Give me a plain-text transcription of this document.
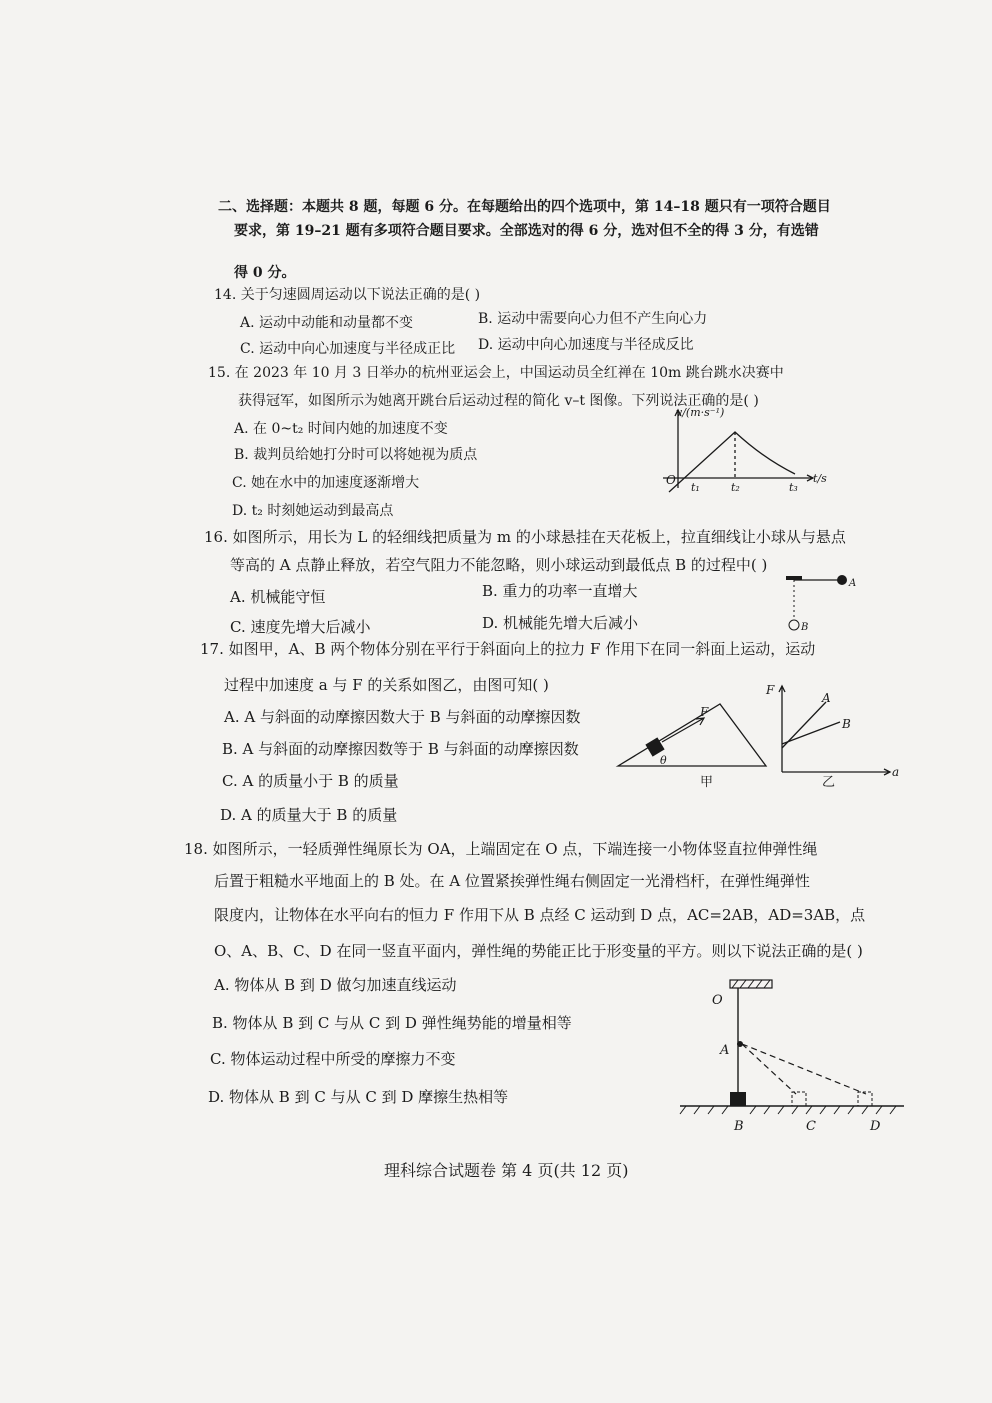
二、选择题：本题共 8 题，每题 6 分。在每题给出的四个选项中，第 14–18 题只有一项符合题目
要求，第 19–21 题有多项符合题目要求。全部选对的得 6 分，选对但不全的得 3 分，有选错
得 0 分。
14. 关于匀速圆周运动以下说法正确的是( )
A. 运动中动能和动量都不变	B. 运动中需要向心力但不产生向心力
C. 运动中向心加速度与半径成正比 D. 运动中向心加速度与半径成反比
15. 在 2023 年 10 月 3 日举办的杭州亚运会上，中国运动员全红禅在 10m 跳台跳水决赛中
获得冠军，如图所示为她离开跳台后运动过程的简化 v–t 图像。下列说法正确的是( )
A. 在 0~t₂ 时间内她的加速度不变
B. 裁判员给她打分时可以将她视为质点
C. 她在水中的加速度逐渐增大
D. t₂ 时刻她运动到最高点
v/(m·s⁻¹)
t/s
O
t₁	t₂	t₃
16. 如图所示，用长为 L 的轻细线把质量为 m 的小球悬挂在天花板上，拉直细线让小球从与悬点
等高的 A 点静止释放，若空气阻力不能忽略，则小球运动到最低点 B 的过程中( )
A. 机械能守恒	B. 重力的功率一直增大
C. 速度先增大后减小	D. 机械能先增大后减小
A
B
17. 如图甲，A、B 两个物体分别在平行于斜面向上的拉力 F 作用下在同一斜面上运动，运动
过程中加速度 a 与 F 的关系如图乙，由图可知( )
A. A 与斜面的动摩擦因数大于 B 与斜面的动摩擦因数
B. A 与斜面的动摩擦因数等于 B 与斜面的动摩擦因数
C. A 的质量小于 B 的质量
D. A 的质量大于 B 的质量
F
θ
甲
F
a
A
B
乙
18. 如图所示，一轻质弹性绳原长为 OA，上端固定在 O 点，下端连接一小物体竖直拉伸弹性绳
后置于粗糙水平地面上的 B 处。在 A 位置紧挨弹性绳右侧固定一光滑档杆，在弹性绳弹性
限度内，让物体在水平向右的恒力 F 作用下从 B 点经 C 运动到 D 点，AC=2AB，AD=3AB，点
O、A、B、C、D 在同一竖直平面内，弹性绳的势能正比于形变量的平方。则以下说法正确的是( )
A. 物体从 B 到 D 做匀加速直线运动
B. 物体从 B 到 C 与从 C 到 D 弹性绳势能的增量相等
C. 物体运动过程中所受的摩擦力不变
D. 物体从 B 到 C 与从 C 到 D 摩擦生热相等
O
A
B	C	D
理科综合试题卷 第 4 页(共 12 页)
